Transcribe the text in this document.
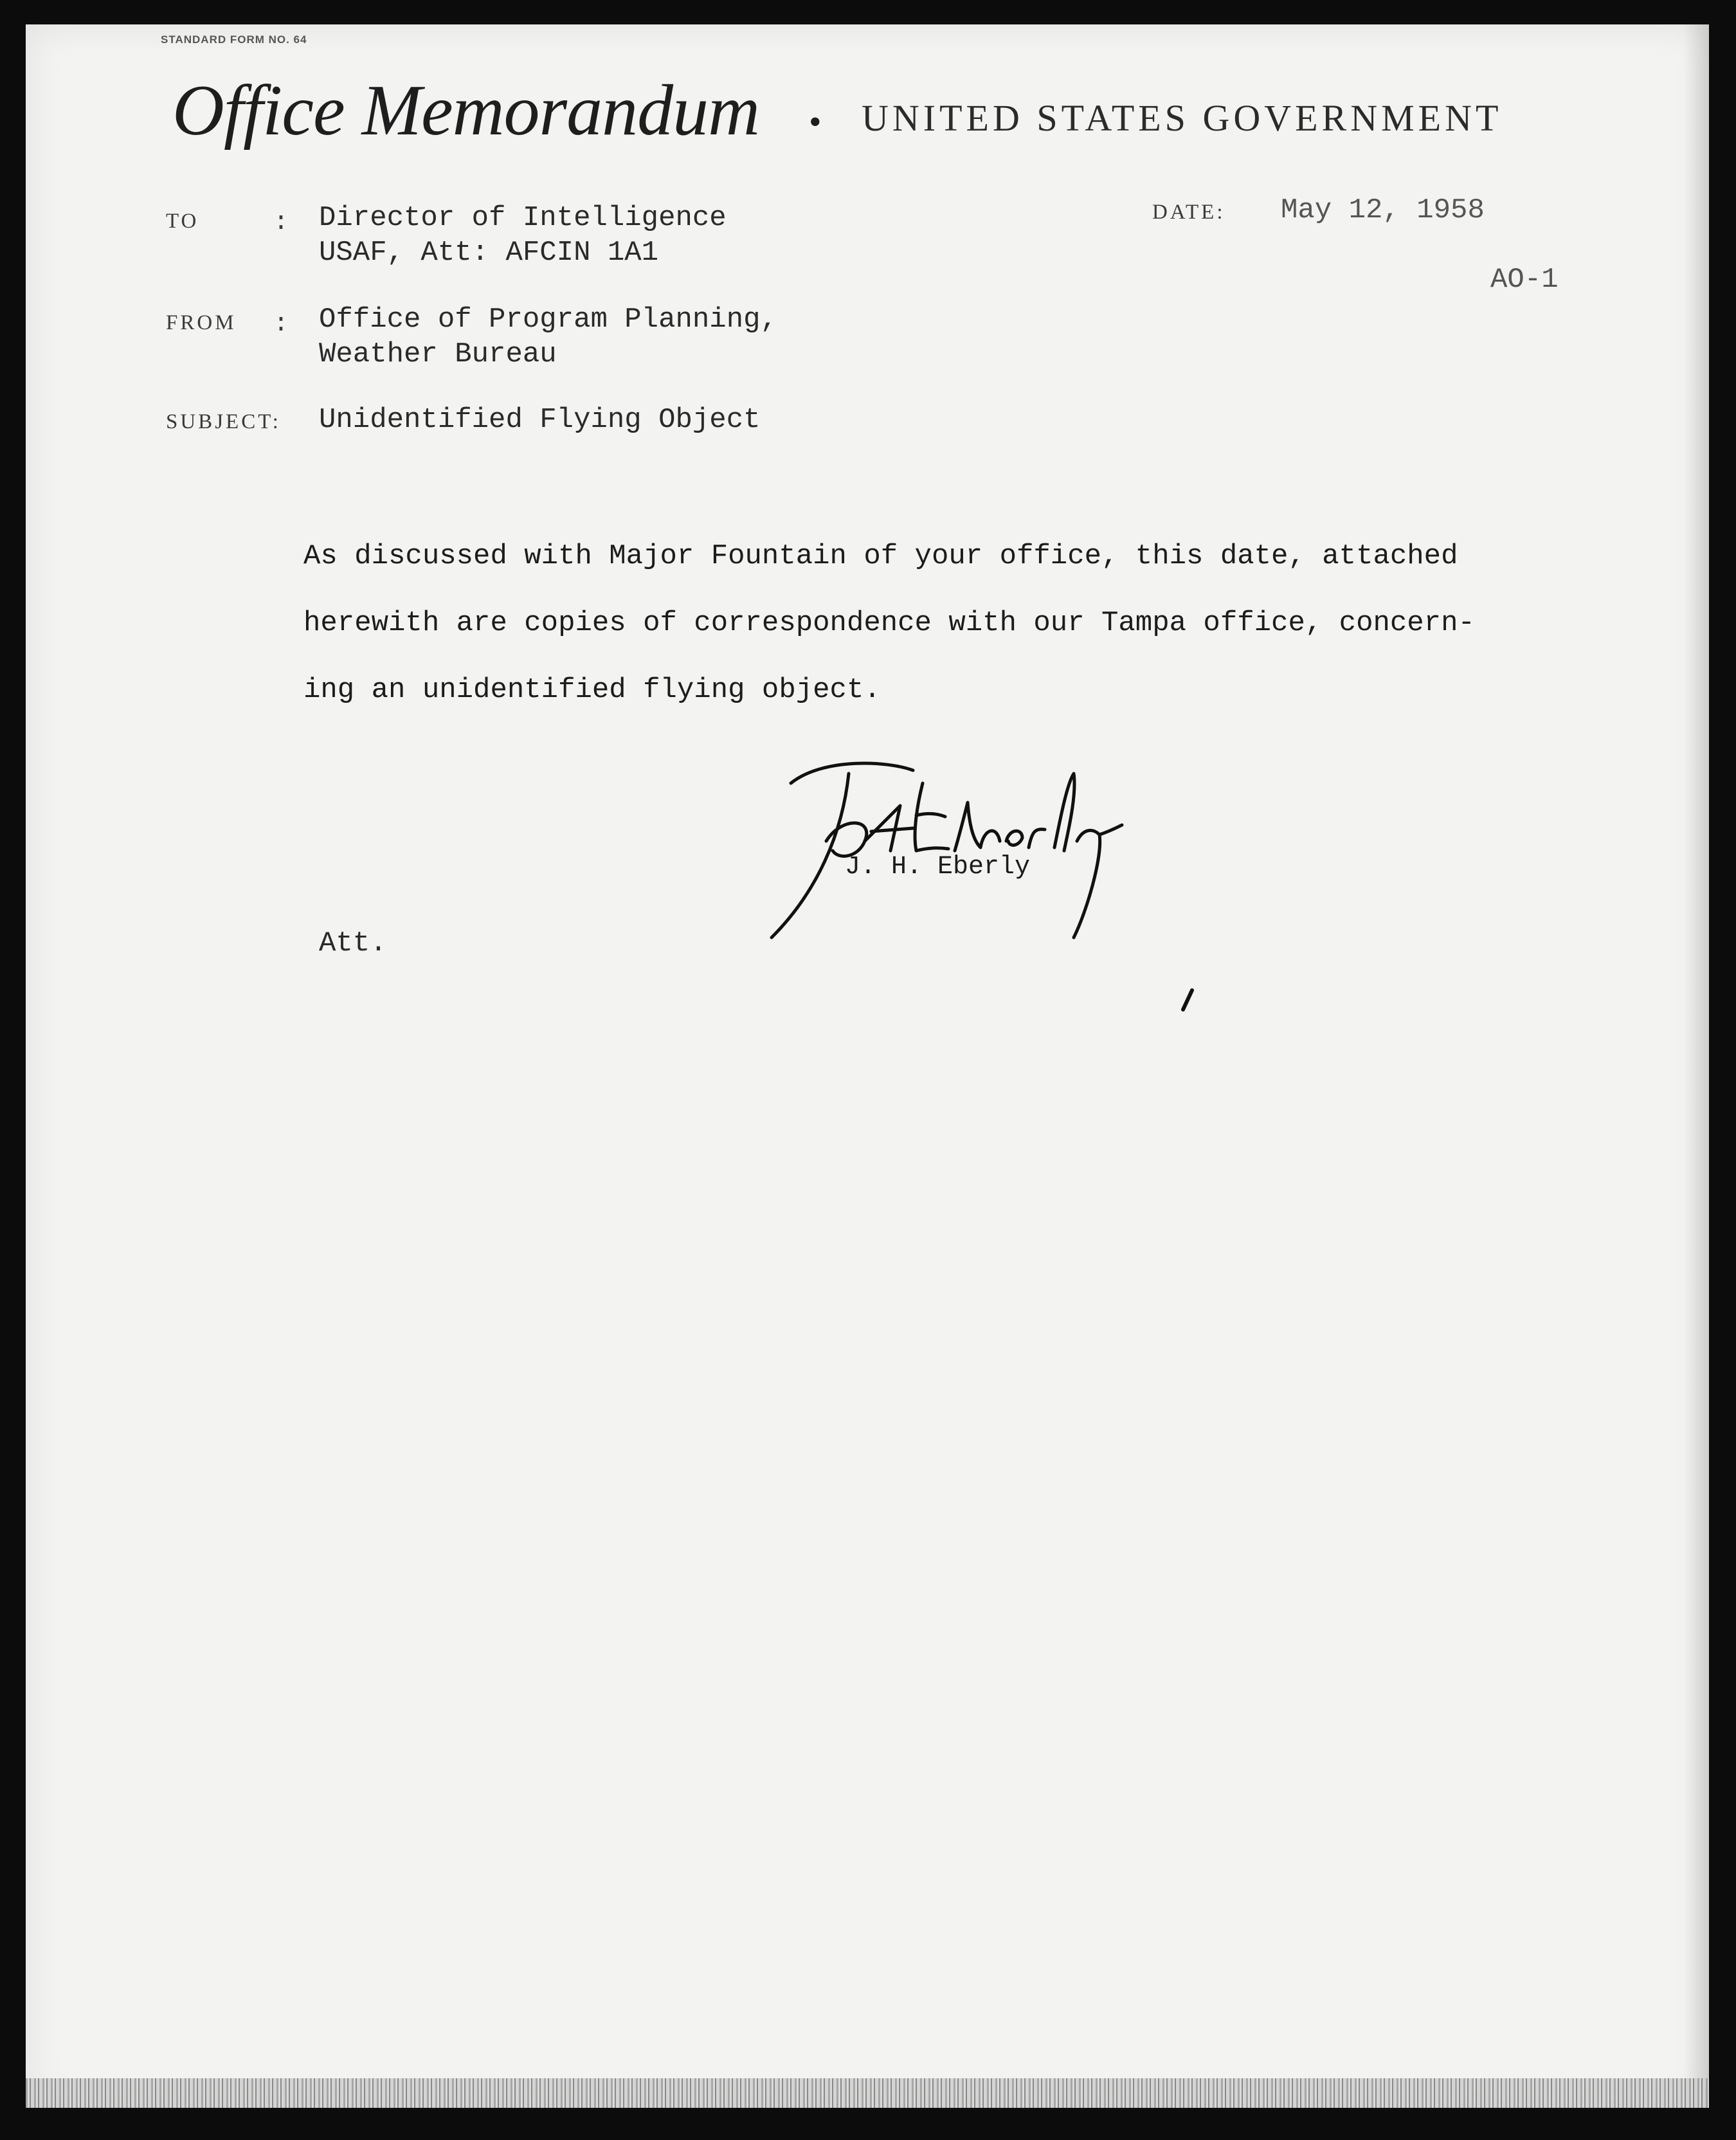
STANDARD FORM NO. 64
Office Memorandum • UNITED STATES GOVERNMENT
TO	: Director of Intelligence
USAF, Att: AFCIN 1A1
DATE: May 12, 1958
AO-1
FROM : Office of Program Planning,
Weather Bureau
SUBJECT: Unidentified Flying Object
As discussed with Major Fountain of your office, this date, attached
herewith are copies of correspondence with our Tampa office, concern-
ing an unidentified flying object.
J. H. Eberly
Att.
